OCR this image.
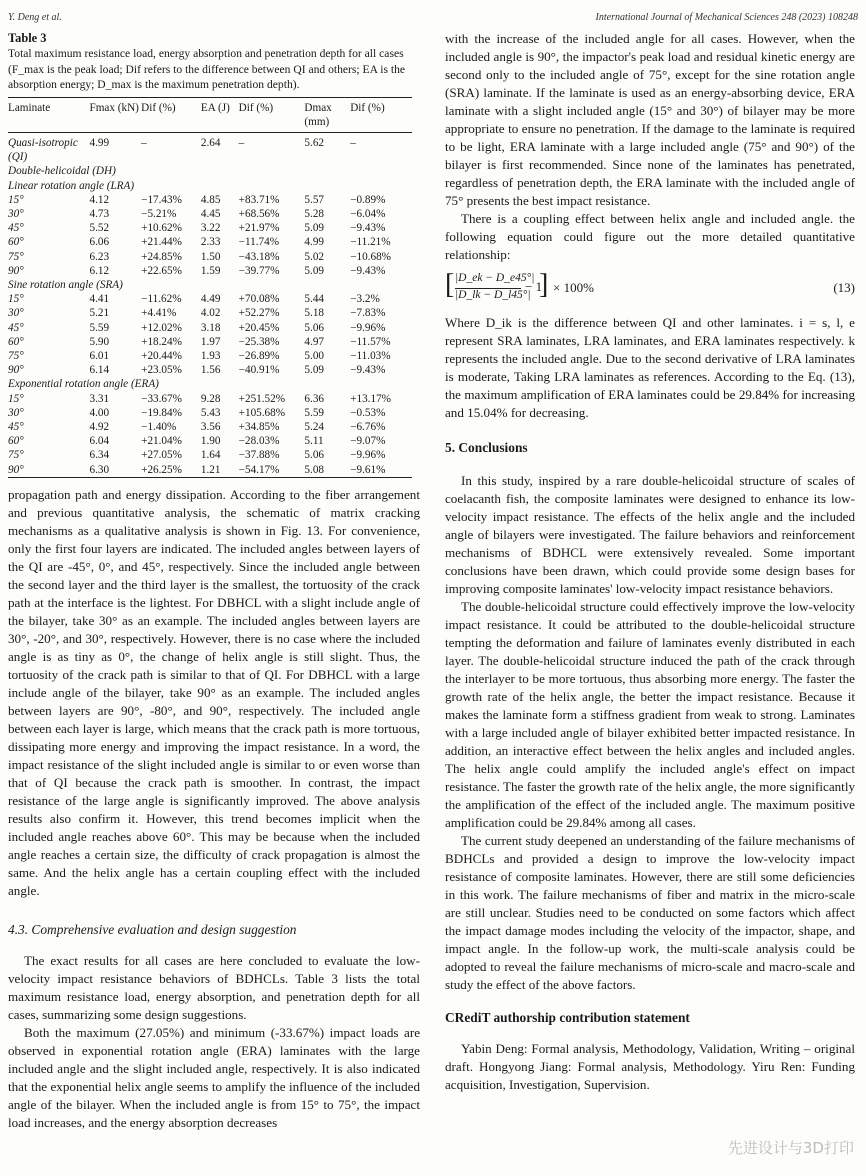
Y. Deng et al.	International Journal of Mechanical Sciences 248 (2023) 108248
Table 3
Total maximum resistance load, energy absorption and penetration depth for all cases (F_max is the peak load; Dif refers to the difference between QI and others; EA is the absorption energy; D_max is the maximum penetration depth).
Laminate	Fmax (kN)	Dif (%)	EA (J)	Dif (%)	Dmax (mm)	Dif (%)
Quasi-isotropic (QI)	4.99	–	2.64	–	5.62	–
Double-helicoidal (DH)						
Linear rotation angle (LRA)						
15°	4.12	−17.43%	4.85	+83.71%	5.57	−0.89%
30°	4.73	−5.21%	4.45	+68.56%	5.28	−6.04%
45°	5.52	+10.62%	3.22	+21.97%	5.09	−9.43%
60°	6.06	+21.44%	2.33	−11.74%	4.99	−11.21%
75°	6.23	+24.85%	1.50	−43.18%	5.02	−10.68%
90°	6.12	+22.65%	1.59	−39.77%	5.09	−9.43%
Sine rotation angle (SRA)						
15°	4.41	−11.62%	4.49	+70.08%	5.44	−3.2%
30°	5.21	+4.41%	4.02	+52.27%	5.18	−7.83%
45°	5.59	+12.02%	3.18	+20.45%	5.06	−9.96%
60°	5.90	+18.24%	1.97	−25.38%	4.97	−11.57%
75°	6.01	+20.44%	1.93	−26.89%	5.00	−11.03%
90°	6.14	+23.05%	1.56	−40.91%	5.09	−9.43%
Exponential rotation angle (ERA)						
15°	3.31	−33.67%	9.28	+251.52%	6.36	+13.17%
30°	4.00	−19.84%	5.43	+105.68%	5.59	−0.53%
45°	4.92	−1.40%	3.56	+34.85%	5.24	−6.76%
60°	6.04	+21.04%	1.90	−28.03%	5.11	−9.07%
75°	6.34	+27.05%	1.64	−37.88%	5.06	−9.96%
90°	6.30	+26.25%	1.21	−54.17%	5.08	−9.61%

propagation path and energy dissipation. According to the fiber arrangement and previous quantitative analysis, the schematic of matrix cracking mechanisms as a qualitative analysis is shown in Fig. 13. For convenience, only the first four layers are indicated. The included angles between layers of the QI are -45°, 0°, and 45°, respectively. Since the included angle between the second layer and the third layer is the smallest, the tortuosity of the crack path at the interface is the lightest. For DBHCL with a slight include angle of the bilayer, take 30° as an example. The included angles between layers are 30°, -20°, and 30°, respectively. However, there is no case where the included angle is as tiny as 0°, the change of helix angle is still slight. Thus, the tortuosity of the crack path is similar to that of QI. For DBHCL with a large include angle of the bilayer, take 90° as an example. The included angles between layers are 90°, -80°, and 90°, respectively. The included angle between each layer is large, which means that the crack path is more tortuous, dissipating more energy and improving the impact resistance. In a word, the impact resistance of the slight included angle is similar to or even worse than that of QI because the crack path is smoother. In contrast, the impact resistance of the large angle is significantly improved. The above analysis results also confirm it. However, this trend becomes implicit when the included angle reaches above 60°. This may be because when the included angle reaches a certain size, the difficulty of crack propagation is almost the same. And the helix angle has a certain coupling effect with the included angle.

4.3. Comprehensive evaluation and design suggestion

The exact results for all cases are here concluded to evaluate the low-velocity impact resistance behaviors of BDHCLs. Table 3 lists the total maximum resistance load, energy absorption, and penetration depth for all cases, summarizing some design suggestions.

Both the maximum (27.05%) and minimum (-33.67%) impact loads are observed in exponential rotation angle (ERA) laminates with the large included angle and the slight included angle, respectively. It is also indicated that the exponential helix angle seems to amplify the influence of the included angle of the bilayer. When the included angle is from 15° to 75°, the impact load increases, and the energy absorption decreases

with the increase of the included angle for all cases. However, when the included angle is 90°, the impactor's peak load and residual kinetic energy are second only to the included angle of 75°, except for the sine rotation angle (SRA) laminate. If the laminate is used as an energy-absorbing device, ERA laminate with a slight included angle (15° and 30°) of bilayer may be more appropriate to ensure no penetration. If the damage to the laminate is required to be light, ERA laminate with a large included angle (75° and 90°) of the bilayer is first recommended. Since none of the laminates has penetrated, regardless of penetration depth, the ERA laminate with the included angle of 75° presents the best impact resistance.

There is a coupling effect between helix angle and included angle. the following equation could figure out the more detailed quantitative relationship:

[ |D_ek − D_e45°|
|D_lk − D_l45°|
− 1
] × 100%	(13)

Where D_ik is the difference between QI and other laminates. i = s, l, e represent SRA laminates, LRA laminates, and ERA laminates respectively. k represents the included angle. Due to the second derivative of LRA laminates is moderate, Taking LRA laminates as references. According to the Eq. (13), the maximum amplification of ERA laminates could be 29.84% for increasing and 15.04% for decreasing.

5. Conclusions

In this study, inspired by a rare double-helicoidal structure of scales of coelacanth fish, the composite laminates were designed to enhance its low-velocity impact resistance. The effects of the helix angle and the included angle of bilayers were investigated. The failure behaviors and reinforcement mechanisms of BDHCL were extensively revealed. Some important conclusions have been drawn, which could provide some design bases for improving composite laminates' low-velocity impact resistance behaviors.

The double-helicoidal structure could effectively improve the low-velocity impact resistance. It could be attributed to the double-helicoidal structure tempting the deformation and failure of laminates evenly distributed in each layer. The double-helicoidal structure induced the path of the crack through the interlayer to be more tortuous, thus absorbing more energy. The faster the growth rate of the helix angle, the better the impact resistance. Because it makes the laminate form a stiffness gradient from weak to strong. Laminates with a large included angle of bilayer exhibited better impacted resistance. In addition, an interactive effect between the helix angles and included angles. The helix angle could amplify the included angle's effect on impact resistance. The faster the growth rate of the helix angle, the more significantly the amplification of the effect of the included angle. The maximum positive amplification could be 29.84% among all cases.

The current study deepened an understanding of the failure mechanisms of BDHCLs and provided a design to improve the low-velocity impact resistance of composite laminates. However, there are still some deficiencies in this work. The failure mechanisms of fiber and matrix in the micro-scale are still unclear. Studies need to be conducted on some factors which affect the impact damage modes including the velocity of the impactor, shape, and impact angle. In the follow-up work, the multi-scale analysis could be adopted to reveal the failure mechanisms of micro-scale and macro-scale and study the effect of the above factors.

CRediT authorship contribution statement

Yabin Deng: Formal analysis, Methodology, Validation, Writing – original draft. Hongyong Jiang: Formal analysis, Methodology. Yiru Ren: Funding acquisition, Investigation, Supervision.

先进设计与3D打印
